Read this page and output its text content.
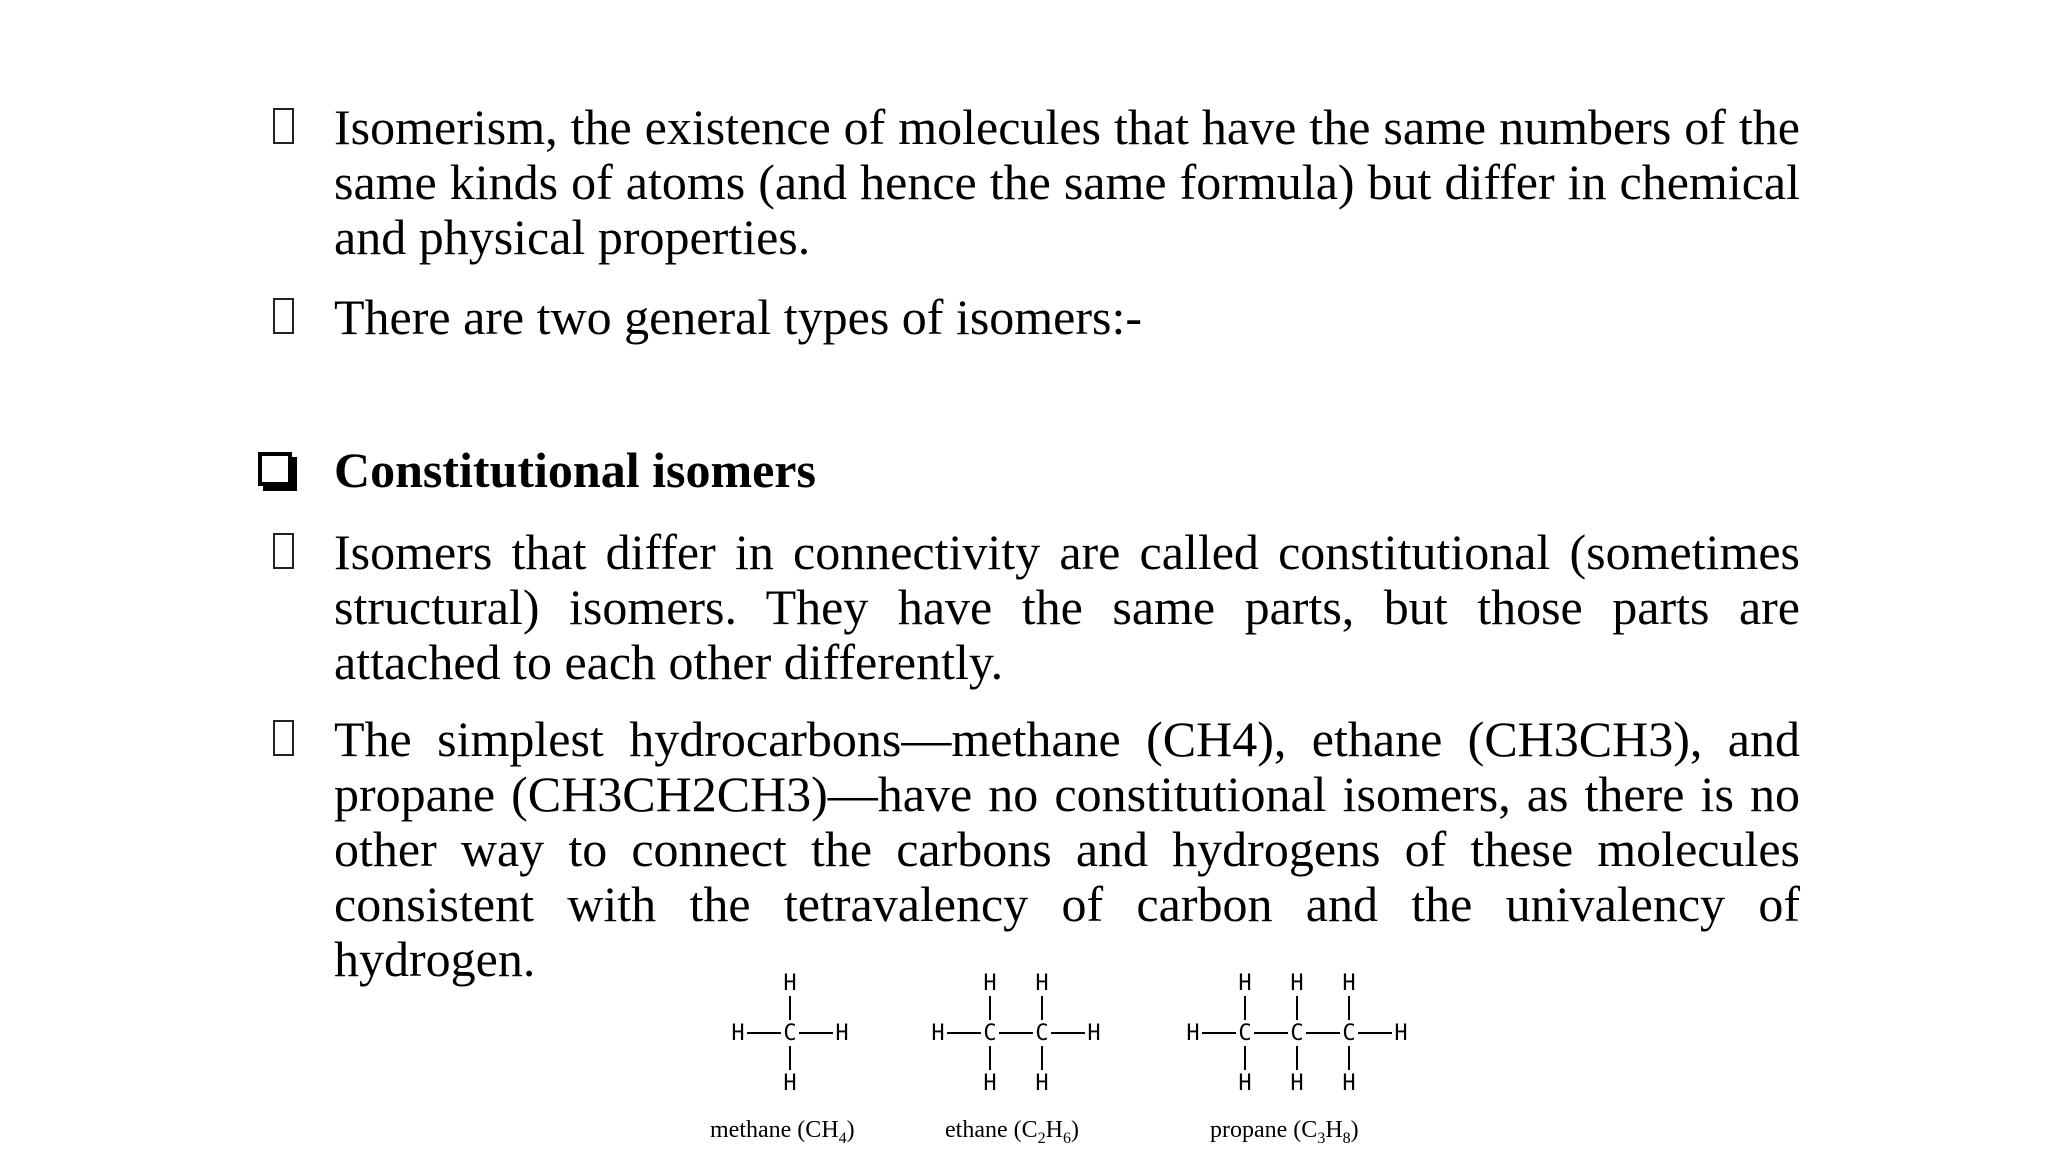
Isomerism, the existence of molecules that have the same numbers of the same kinds of atoms (and hence the same formula) but differ in chemical and physical properties.
There are two general types of isomers:-
Constitutional isomers
Isomers that differ in connectivity are called constitutional (sometimes structural) isomers. They have the same parts, but those parts are attached to each other differently.
The simplest hydrocarbons—methane (CH4), ethane (CH3CH3), and propane (CH3CH2CH3)—have no constitutional isomers, as there is no other way to connect the carbons and hydrogens of these molecules consistent with the tetravalency of carbon and the univalency of hydrogen.
H C
H
H
H	H C
H
H
C
H
H
H	H C
H
H
C
H
H
C
H
H
H
methane $(CH_4)$	ethane $(C_2H_6)$	propane $(C_3H_8)$
